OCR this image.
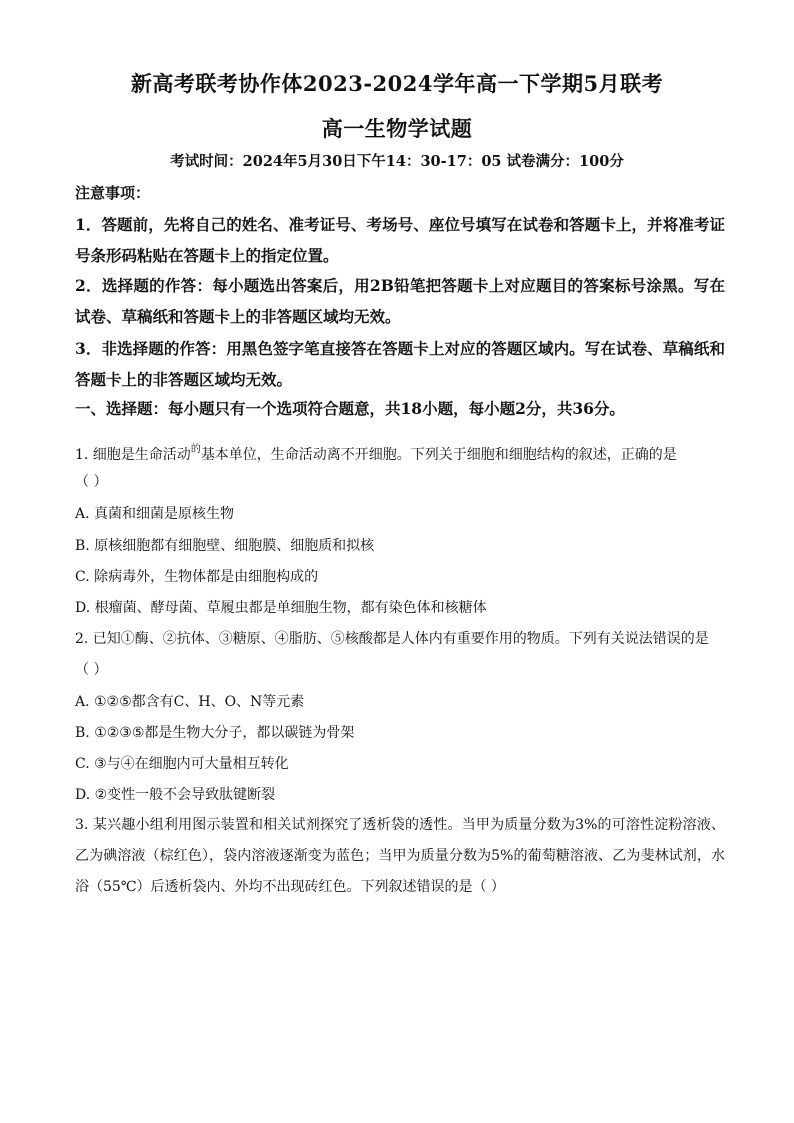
新高考联考协作体2023-2024学年高一下学期5月联考
高一生物学试题
考试时间：2024年5月30日下午14：30-17：05 试卷满分：100分
注意事项：
1．答题前，先将自己的姓名、准考证号、考场号、座位号填写在试卷和答题卡上，并将准考证号条形码粘贴在答题卡上的指定位置。
2．选择题的作答：每小题选出答案后，用2B铅笔把答题卡上对应题目的答案标号涂黑。写在试卷、草稿纸和答题卡上的非答题区域均无效。
3．非选择题的作答：用黑色签字笔直接答在答题卡上对应的答题区域内。写在试卷、草稿纸和答题卡上的非答题区域均无效。
一、选择题：每小题只有一个选项符合题意，共18小题，每小题2分，共36分。
1. 细胞是生命活动$^的$基本单位，生命活动离不开细胞。下列关于细胞和细胞结构的叙述，正确的是
（ ）
A. 真菌和细菌是原核生物
B. 原核细胞都有细胞壁、细胞膜、细胞质和拟核
C. 除病毒外，生物体都是由细胞构成的
D. 根瘤菌、酵母菌、草履虫都是单细胞生物，都有染色体和核糖体
2. 已知①酶、②抗体、③糖原、④脂肪、⑤核酸都是人体内有重要作用的物质。下列有关说法错误的是
（ ）
A. ①②⑤都含有C、H、O、N等元素
B. ①②③⑤都是生物大分子，都以碳链为骨架
C. ③与④在细胞内可大量相互转化
D. ②变性一般不会导致肽键断裂
3. 某兴趣小组利用图示装置和相关试剂探究了透析袋的透性。当甲为质量分数为3%的可溶性淀粉溶液、乙为碘溶液（棕红色），袋内溶液逐渐变为蓝色；当甲为质量分数为5%的葡萄糖溶液、乙为斐林试剂，水浴（55℃）后透析袋内、外均不出现砖红色。下列叙述错误的是（ ）
